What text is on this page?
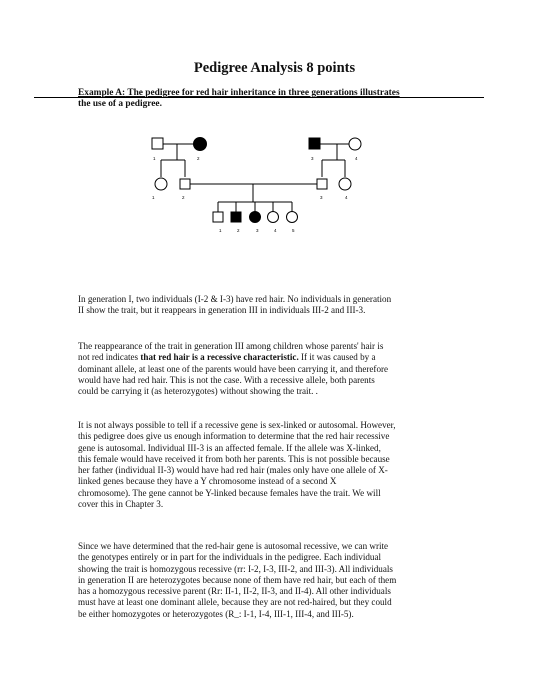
Pedigree Analysis 8 points
Example A: The pedigree for red hair inheritance in three generations illustrates
the use of a pedigree.
1	2	3	4
1	2	3	4
1	2	3	4	5

In generation I, two individuals (I-2 & I-3) have red hair. No individuals in generation
II show the trait, but it reappears in generation III in individuals III-2 and III-3.

The reappearance of the trait in generation III among children whose parents' hair is
not red indicates that red hair is a recessive characteristic. If it was caused by a
dominant allele, at least one of the parents would have been carrying it, and therefore
would have had red hair. This is not the case. With a recessive allele, both parents
could be carrying it (as heterozygotes) without showing the trait. .

It is not always possible to tell if a recessive gene is sex-linked or autosomal. However,
this pedigree does give us enough information to determine that the red hair recessive
gene is autosomal. Individual III-3 is an affected female. If the allele was X-linked,
this female would have received it from both her parents. This is not possible because
her father (individual II-3) would have had red hair (males only have one allele of X-
linked genes because they have a Y chromosome instead of a second X
chromosome). The gene cannot be Y-linked because females have the trait. We will
cover this in Chapter 3.

Since we have determined that the red-hair gene is autosomal recessive, we can write
the genotypes entirely or in part for the individuals in the pedigree. Each individual
showing the trait is homozygous recessive (rr: I-2, I-3, III-2, and III-3). All individuals
in generation II are heterozygotes because none of them have red hair, but each of them
has a homozygous recessive parent (Rr: II-1, II-2, II-3, and II-4). All other individuals
must have at least one dominant allele, because they are not red-haired, but they could
be either homozygotes or heterozygotes (R_: I-1, I-4, III-1, III-4, and III-5).
